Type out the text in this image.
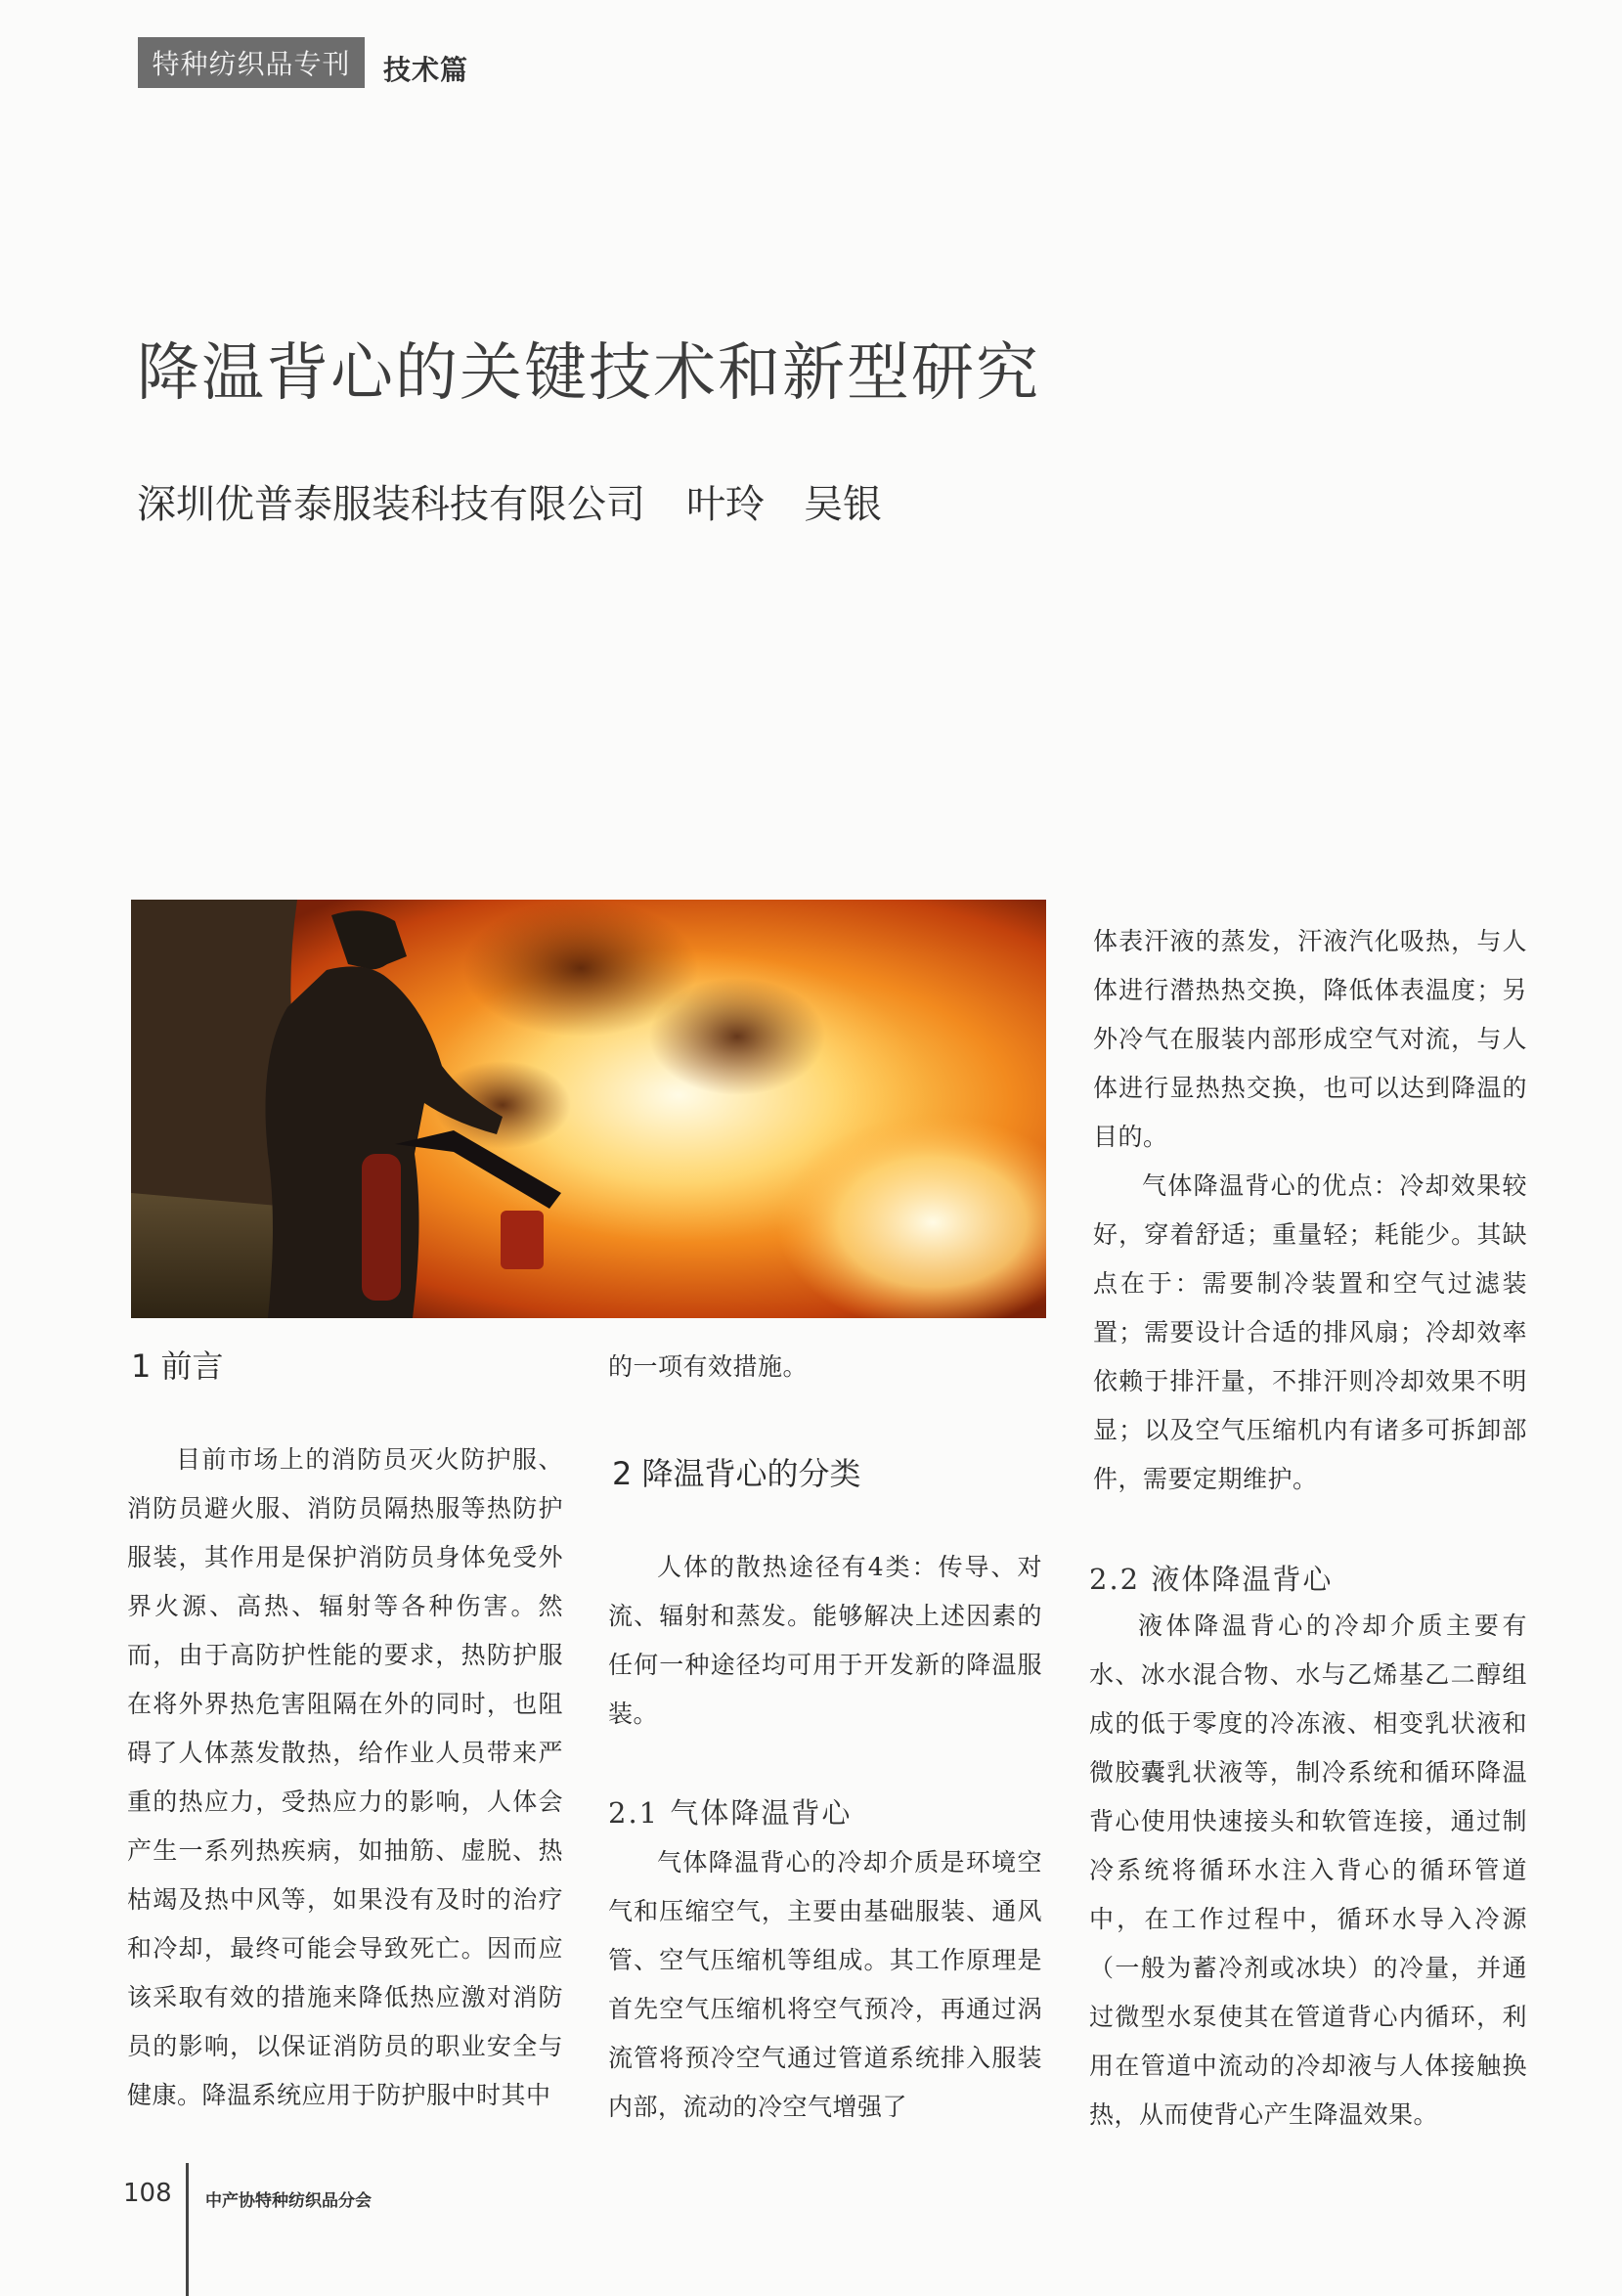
特种纺织品专刊	技术篇
降温背心的关键技术和新型研究
深圳优普泰服装科技有限公司 叶玲　吴银
1 前言

目前市场上的消防员灭火防护服、消防员避火服、消防员隔热服等热防护服装，其作用是保护消防员身体免受外界火源、高热、辐射等各种伤害。然而，由于高防护性能的要求，热防护服在将外界热危害阻隔在外的同时，也阻碍了人体蒸发散热，给作业人员带来严重的热应力，受热应力的影响，人体会产生一系列热疾病，如抽筋、虚脱、热枯竭及热中风等，如果没有及时的治疗和冷却，最终可能会导致死亡。因而应该采取有效的措施来降低热应激对消防员的影响，以保证消防员的职业安全与健康。降温系统应用于防护服中时其中

的一项有效措施。

2 降温背心的分类

人体的散热途径有4类：传导、对流、辐射和蒸发。能够解决上述因素的任何一种途径均可用于开发新的降温服装。

2.1 气体降温背心

气体降温背心的冷却介质是环境空气和压缩空气，主要由基础服装、通风管、空气压缩机等组成。其工作原理是首先空气压缩机将空气预冷，再通过涡流管将预冷空气通过管道系统排入服装内部，流动的冷空气增强了

体表汗液的蒸发，汗液汽化吸热，与人体进行潜热热交换，降低体表温度；另外冷气在服装内部形成空气对流，与人体进行显热热交换，也可以达到降温的目的。

气体降温背心的优点：冷却效果较好，穿着舒适；重量轻；耗能少。其缺点在于：需要制冷装置和空气过滤装置；需要设计合适的排风扇；冷却效率依赖于排汗量，不排汗则冷却效果不明显；以及空气压缩机内有诸多可拆卸部件，需要定期维护。

2.2 液体降温背心

液体降温背心的冷却介质主要有水、冰水混合物、水与乙烯基乙二醇组成的低于零度的冷冻液、相变乳状液和微胶囊乳状液等，制冷系统和循环降温背心使用快速接头和软管连接，通过制冷系统将循环水注入背心的循环管道中，在工作过程中，循环水导入冷源（一般为蓄冷剂或冰块）的冷量，并通过微型水泵使其在管道背心内循环，利用在管道中流动的冷却液与人体接触换热，从而使背心产生降温效果。

108 中产协特种纺织品分会
